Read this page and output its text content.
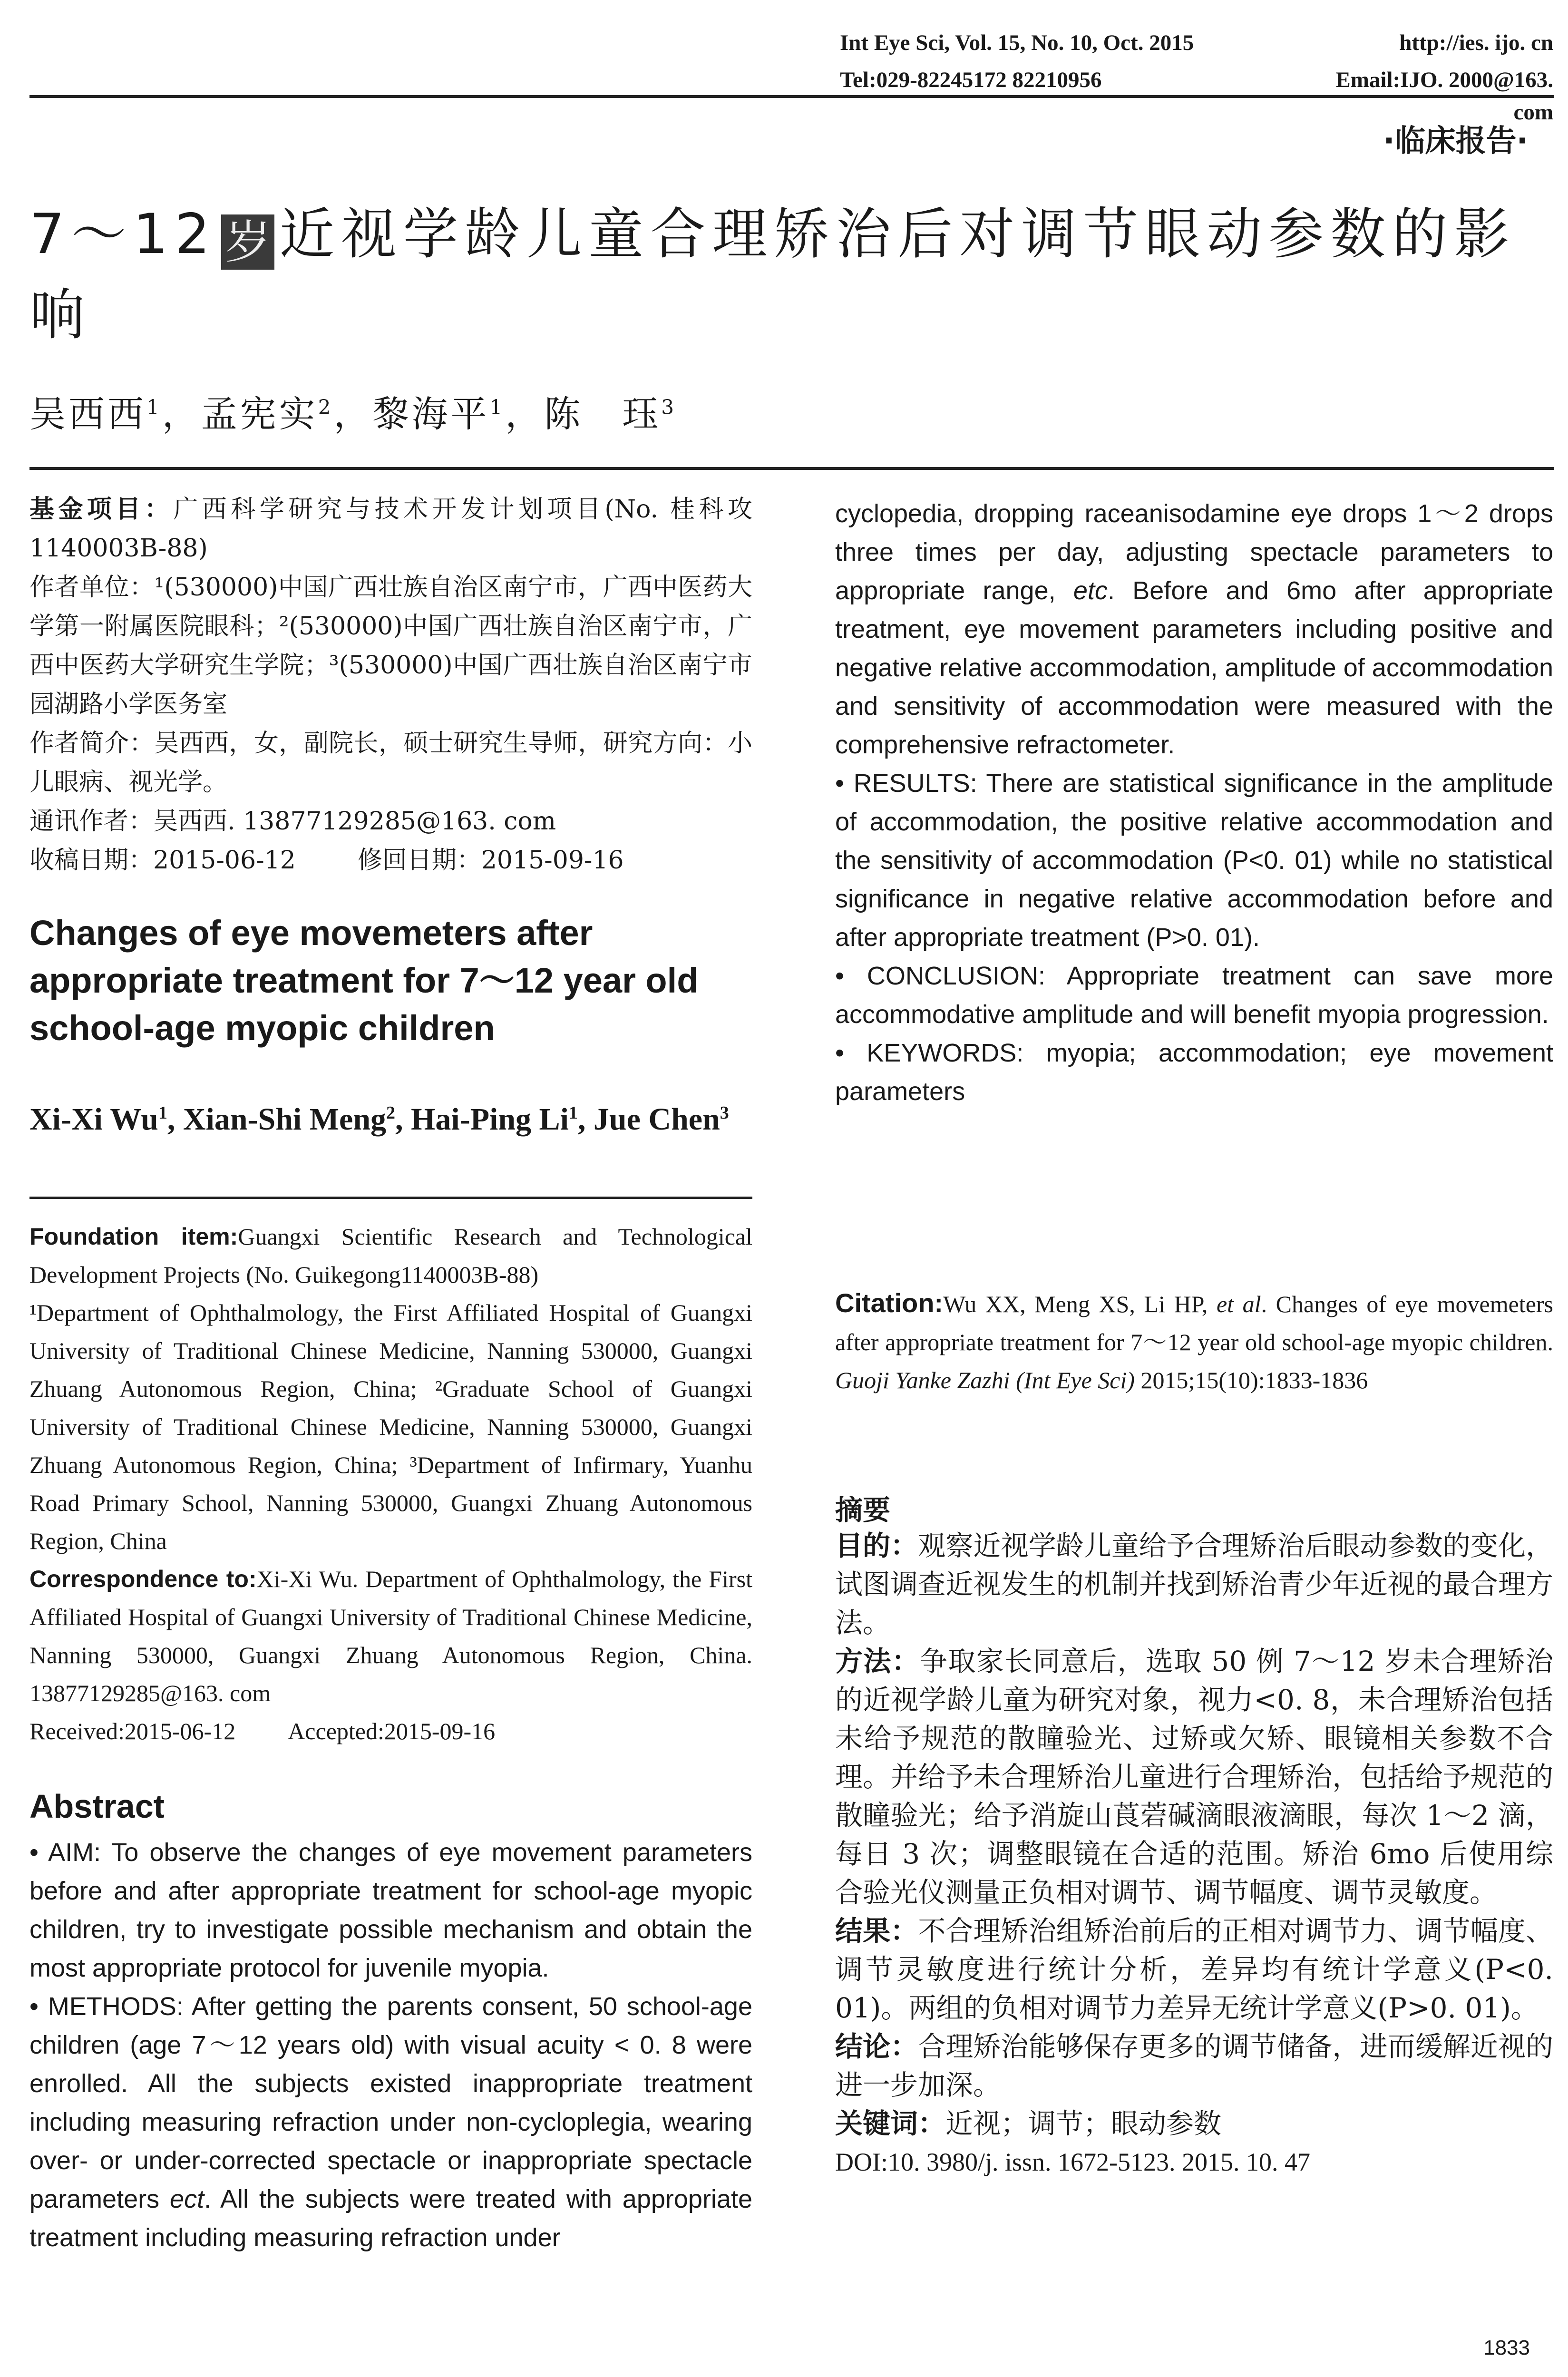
Int Eye Sci, Vol. 15, No. 10, Oct. 2015	http://ies. ijo. cn
Tel:029-82245172 82210956	Email:IJO. 2000@163. com
·临床报告·
7～12 岁 近视学龄儿童合理矫治后对调节眼动参数的影响
吴西西$^1$，孟宪实$^2$，黎海平$^1$，陈　珏$^3$

基金项目：广西科学研究与技术开发计划项目(No. 桂科攻1140003B-88)

作者单位：¹(530000)中国广西壮族自治区南宁市，广西中医药大学第一附属医院眼科；²(530000)中国广西壮族自治区南宁市，广西中医药大学研究生学院；³(530000)中国广西壮族自治区南宁市园湖路小学医务室

作者简介：吴西西，女，副院长，硕士研究生导师，研究方向：小儿眼病、视光学。

通讯作者：吴西西. 13877129285@163. com

收稿日期：2015-06-12	修回日期：2015-09-16

Changes of eye movemeters after appropriate treatment for 7～12 year old school-age myopic children
Xi-Xi Wu$^1$, Xian-Shi Meng$^2$, Hai-Ping Li$^1$, Jue Chen$^3$

Foundation item:Guangxi Scientific Research and Technological Development Projects (No. Guikegong1140003B-88)

¹Department of Ophthalmology, the First Affiliated Hospital of Guangxi University of Traditional Chinese Medicine, Nanning 530000, Guangxi Zhuang Autonomous Region, China; ²Graduate School of Guangxi University of Traditional Chinese Medicine, Nanning 530000, Guangxi Zhuang Autonomous Region, China; ³Department of Infirmary, Yuanhu Road Primary School, Nanning 530000, Guangxi Zhuang Autonomous Region, China

Correspondence to:Xi-Xi Wu. Department of Ophthalmology, the First Affiliated Hospital of Guangxi University of Traditional Chinese Medicine, Nanning 530000, Guangxi Zhuang Autonomous Region, China. 13877129285@163. com

Received:2015-06-12 Accepted:2015-09-16

Abstract

• AIM: To observe the changes of eye movement parameters before and after appropriate treatment for school-age myopic children, try to investigate possible mechanism and obtain the most appropriate protocol for juvenile myopia.

• METHODS: After getting the parents consent, 50 school-age children (age 7～12 years old) with visual acuity < 0. 8 were enrolled. All the subjects existed inappropriate treatment including measuring refraction under non-cycloplegia, wearing over- or under-corrected spectacle or inappropriate spectacle parameters ect. All the subjects were treated with appropriate treatment including measuring refraction under

cyclopedia, dropping raceanisodamine eye drops 1～2 drops three times per day, adjusting spectacle parameters to appropriate range, etc. Before and 6mo after appropriate treatment, eye movement parameters including positive and negative relative accommodation, amplitude of accommodation and sensitivity of accommodation were measured with the comprehensive refractometer.

• RESULTS: There are statistical significance in the amplitude of accommodation, the positive relative accommodation and the sensitivity of accommodation (P<0. 01) while no statistical significance in negative relative accommodation before and after appropriate treatment (P>0. 01).

• CONCLUSION: Appropriate treatment can save more accommodative amplitude and will benefit myopia progression.

• KEYWORDS: myopia; accommodation; eye movement parameters

Citation:Wu XX, Meng XS, Li HP, et al. Changes of eye movemeters after appropriate treatment for 7～12 year old school-age myopic children. Guoji Yanke Zazhi (Int Eye Sci) 2015;15(10):1833-1836
摘要

目的：观察近视学龄儿童给予合理矫治后眼动参数的变化，试图调查近视发生的机制并找到矫治青少年近视的最合理方法。

方法：争取家长同意后，选取 50 例 7～12 岁未合理矫治的近视学龄儿童为研究对象，视力<0. 8，未合理矫治包括未给予规范的散瞳验光、过矫或欠矫、眼镜相关参数不合理。并给予未合理矫治儿童进行合理矫治，包括给予规范的散瞳验光；给予消旋山莨菪碱滴眼液滴眼，每次 1～2 滴，每日 3 次；调整眼镜在合适的范围。矫治 6mo 后使用综合验光仪测量正负相对调节、调节幅度、调节灵敏度。

结果：不合理矫治组矫治前后的正相对调节力、调节幅度、调节灵敏度进行统计分析，差异均有统计学意义(P<0. 01)。两组的负相对调节力差异无统计学意义(P>0. 01)。

结论：合理矫治能够保存更多的调节储备，进而缓解近视的进一步加深。

关键词：近视；调节；眼动参数

DOI:10. 3980/j. issn. 1672-5123. 2015. 10. 47

1833
